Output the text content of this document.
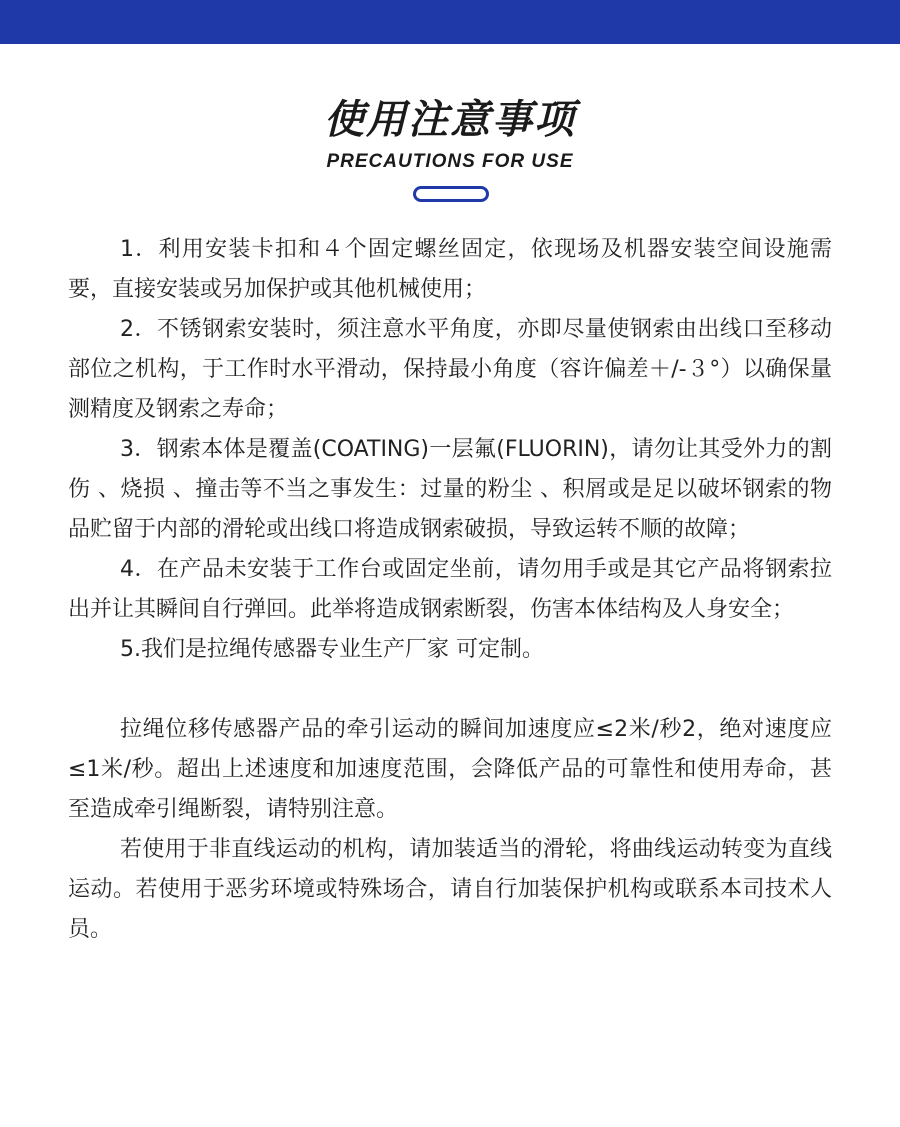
使用注意事项
PRECAUTIONS FOR USE

1．利用安装卡扣和４个固定螺丝固定，依现场及机器安装空间设施需要，直接安装或另加保护或其他机械使用；

2．不锈钢索安装时，须注意水平角度，亦即尽量使钢索由出线口至移动部位之机构，于工作时水平滑动，保持最小角度（容许偏差＋/-３°）以确保量测精度及钢索之寿命；

3．钢索本体是覆盖(COATING)一层氟(FLUORIN)，请勿让其受外力的割伤 、烧损 、撞击等不当之事发生：过量的粉尘 、积屑或是足以破坏钢索的物品贮留于内部的滑轮或出线口将造成钢索破损，导致运转不顺的故障；

4．在产品未安装于工作台或固定坐前，请勿用手或是其它产品将钢索拉出并让其瞬间自行弹回。此举将造成钢索断裂，伤害本体结构及人身安全；

5.我们是拉绳传感器专业生产厂家 可定制。

拉绳位移传感器产品的牵引运动的瞬间加速度应≤2米/秒2，绝对速度应≤1米/秒。超出上述速度和加速度范围，会降低产品的可靠性和使用寿命，甚至造成牵引绳断裂，请特别注意。

若使用于非直线运动的机构，请加装适当的滑轮，将曲线运动转变为直线运动。若使用于恶劣环境或特殊场合，请自行加装保护机构或联系本司技术人员。
